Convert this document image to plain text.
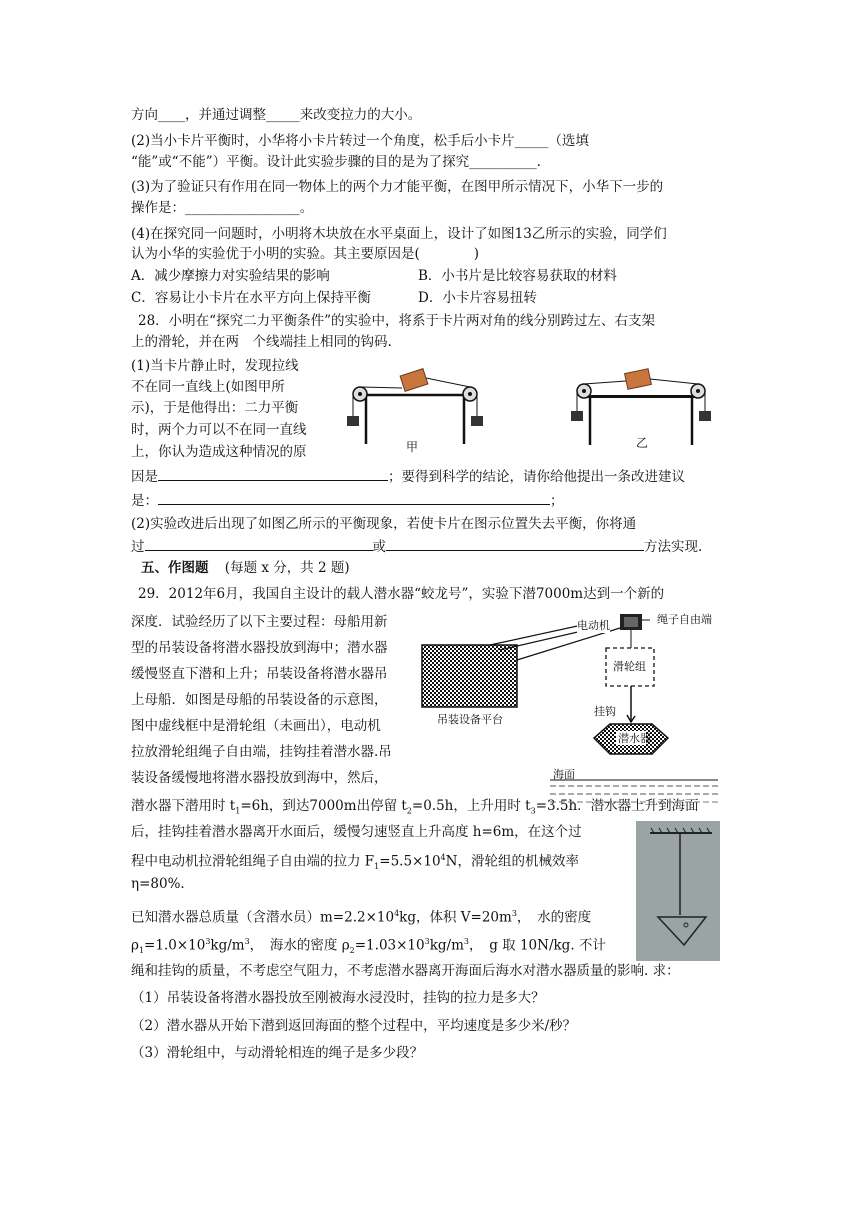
方向____，并通过调整_____来改变拉力的大小。
(2)当小卡片平衡时，小华将小卡片转过一个角度，松手后小卡片_____（选填
“能”或“不能”）平衡。设计此实验步骤的目的是为了探究__________.
(3)为了验证只有作用在同一物体上的两个力才能平衡，在图甲所示情况下，小华下一步的
操作是：_________________。
(4)在探究同一问题时，小明将木块放在水平桌面上，设计了如图13乙所示的实验，同学们
认为小华的实验优于小明的实验。其主要原因是(　　　　)
A．减少摩擦力对实验结果的影响	B．小书片是比较容易获取的材料
C．容易让小卡片在水平方向上保持平衡	D．小卡片容易扭转
28．小明在“探究二力平衡条件”的实验中，将系于卡片两对角的线分别跨过左、右支架
上的滑轮，并在两　个线端挂上相同的钩码.
(1)当卡片静止时，发现拉线
不在同一直线上(如图甲所
示)，于是他得出：二力平衡
时，两个力可以不在同一直线
上，你认为造成这种情况的原
因是	；要得到科学的结论，请你给他提出一条改进建议
是：	；
(2)实验改进后出现了如图乙所示的平衡现象，若使卡片在图示位置失去平衡，你将通
过	或	方法实现.
甲	乙
五、作图题 (每题 x 分，共 2 题)
29．2012年6月，我国自主设计的载人潜水器“蛟龙号”，实验下潜7000m达到一个新的
深度．试验经历了以下主要过程：母船用新
型的吊装设备将潜水器投放到海中；潜水器
缓慢竖直下潜和上升；吊装设备将潜水器吊
上母船．如图是母船的吊装设备的示意图，
图中虚线框中是滑轮组（未画出），电动机
拉放滑轮组绳子自由端，挂钩挂着潜水器.吊
装设备缓慢地将潜水器投放到海中，然后，
潜水器下潜用时 $t_1=6h$，到达7000m出停留 $t_2=0.5h$，上升用时 $t_3=3.5h$．潜水器上升到海面
后，挂钩挂着潜水器离开水面后，缓慢匀速竖直上升高度 h=6m，在这个过
程中电动机拉滑轮组绳子自由端的拉力 $F_1=5.5\times 10^4N$，滑轮组的机械效率
η=80%.
已知潜水器总质量（含潜水员）$m=2.2\times 10^4kg$，体积 $V=20m^3$，　水的密度
$\rho_1=1.0\times 10^3kg/m^3$，　海水的密度 $\rho_2=1.03\times 10^3kg/m^3$，　g 取 10N/kg. 不计
绳和挂钩的质量，不考虑空气阻力，不考虑潜水器离开海面后海水对潜水器质量的影响. 求：
（1）吊装设备将潜水器投放至刚被海水浸没时，挂钩的拉力是多大？
（2）潜水器从开始下潜到返回海面的整个过程中，平均速度是多少米/秒？
（3）滑轮组中，与动滑轮相连的绳子是多少段？
电动机	绳子自由端
滑轮组
挂钩
吊装设备平台
潜水器
海面
